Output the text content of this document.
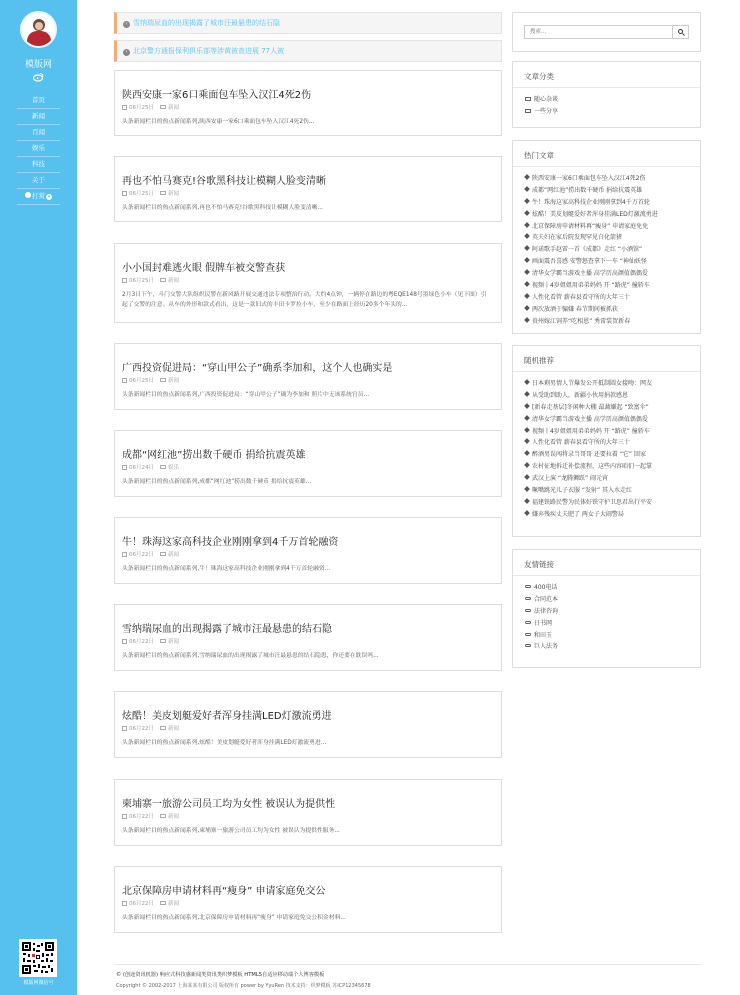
模版网
首页
新闻
百闻
娱乐
科技
关于
打赏 ▾
模版网微信号
› 雪纳瑞尿血的出现揭露了城市汪最悬患的结石隐
› 北京警方通报保利俱乐部等涉黄被查进展 77人被
陕西安康一家6口乘面包车坠入汉江4死2伤
06月25日	新闻
头条新闻栏目的热点新闻系列,陕西安康一家6口乘面包车坠入汉江4死2伤...
再也不怕马赛克!谷歌黑科技让模糊人脸变清晰
06月25日	新闻
头条新闻栏目的热点新闻系列,再也不怕马赛克!谷歌黑科技让模糊人脸变清晰...
小小国封难逃火眼 假牌车被交警查获
06月25日	新闻
2月3日下午，斗门交警大队组织民警在新风路开展交通违法专项整治行动。大约4点钟，一辆停在路边的粤EQE148号墨绿色小车（见下图）引起了交警的注意。从车的外形和款式看出，这是一款旧式的丰田卡罗拉小车，至少在路面上经历20多个年头的...
广西投资促进局：“穿山甲公子”确系李加和，这个人也确实是
06月25日	新闻
头条新闻栏目的热点新闻系列,广西投资促进局：“穿山甲公子”确为李加和 照片中无该系统官员...
成都“网红池”捞出数千硬币 捐给抗震英雄
06月24日	娱乐
头条新闻栏目的热点新闻系列,成都“网红池”捞出数千硬币 捐给抗震英雄...
牛！珠海这家高科技企业刚刚拿到4千万首轮融资
06月22日	新闻
头条新闻栏目的热点新闻系列,牛！珠海这家高科技企业刚刚拿到4千万首轮融资...
雪纳瑞尿血的出现揭露了城市汪最悬患的结石隐
06月22日	新闻
头条新闻栏目的热点新闻系列,雪纳瑞尿血的出现揭露了城市汪最悬患的结石隐患，你还要在耽误吗...
炫酷！美皮划艇爱好者浑身挂满LED灯激流勇进
06月22日	新闻
头条新闻栏目的热点新闻系列,炫酷！美皮划艇爱好者浑身挂满LED灯激流勇进...
柬埔寨一旅游公司员工均为女性 被误认为提供性
06月22日	新闻
头条新闻栏目的热点新闻系列,柬埔寨一旅游公司员工均为女性 被误认为提供性服务...
北京保障房申请材料再“瘦身” 申请家庭免交公
06月22日	新闻
头条新闻栏目的热点新闻系列,北京保障房申请材料再“瘦身” 申请家庭免交公积金材料...
搜索...
文章分类
随心杂谈
一些分享
热门文章
陕西安康一家6口乘面包车坠入汉江4死2伤
成都“网红池”捞出数千硬币 捐给抗震英雄
牛！珠海这家高科技企业刚刚拿到4千万首轮
炫酷！美皮划艇爱好者浑身挂满LED灯激流勇进
北京保障房申请材料再“瘦身” 申请家庭免免
英夫妇在家后院发现罕见白化箭猪
阿诺歌手赵雷一首《成都》走红 “小酒馆”
画面震吾喜感 安警怒查拿下一车 “神仙妖怪
清华女学霸当游戏主播 高学历高颜值偶偶爱
视频丨4岁姐姐用弟弟妈妈 开 “路虎” 撞轿车
人性化看管 薪春县看守所的大年三十
两次放酒于骗嫌 春节期间被抓获
贵州嫁江饲养“吃相恩” 秀雷装贺新春
随机推荐
日本剩男情人节爆发公开抵制圆女接吻：网友
从受助到助人，新疆小伙用捐款感恩
[新春走基层]冬闲种大棚 最蔬嫌起 “致富伞”
清华女学霸当游戏主播 高学历高颜值偶偶爱
视频丨4岁姐姐用弟弟妈妈 开 “路虎” 撞轿车
人性化看管 薪春县看守所的大年三十
醉酒男误闯将录当哥哥 还要拉着 “它” 回家
农村征地拆迁补偿流程，这些内容咱们一起掌
武汉上演 “龙腾狮跃” 闹元宵
噘嘴跳光儿子衣服 “发射” 其入水走红
福建铁路民警为民体好铁守护卫思君出行平安
嫌弃残疾丈夫肥了 两女子大闹警局
友情链接
400电话
合同范本
法律咨询
日书网
和田玉
巨人法务
© (创途资讯机器) 响应式科技感新闻类资讯类织梦模板 HTML5自适应移动端个人博客模板
Copyright © 2002-2017 上海某某有限公司 版权所有 power by YyuRen 技术支持：织梦模板 苏ICP12345678
